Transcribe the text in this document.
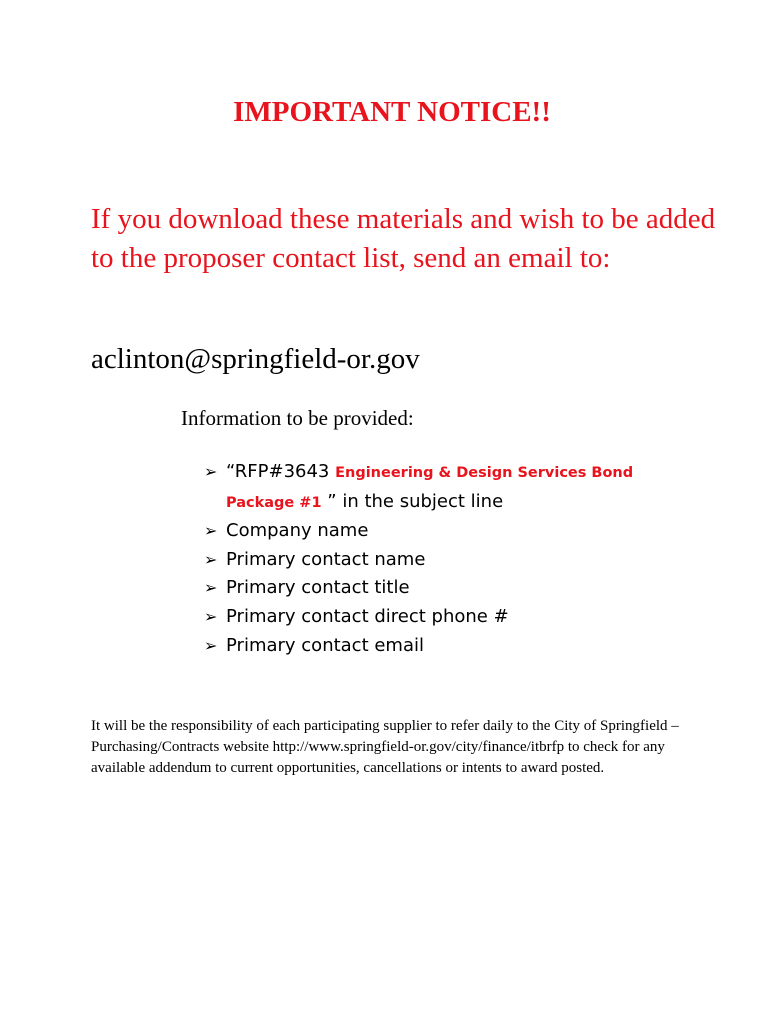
IMPORTANT NOTICE!!
If you download these materials and wish to be added to the proposer contact list, send an email to:
aclinton@springfield-or.gov
Information to be provided:
➢ “RFP#3643 Engineering & Design Services Bond Package #1 ” in the subject line
➢ Company name
➢ Primary contact name
➢ Primary contact title
➢ Primary contact direct phone #
➢ Primary contact email
It will be the responsibility of each participating supplier to refer daily to the City of Springfield – Purchasing/Contracts website http://www.springfield-or.gov/city/finance/itbrfp to check for any available addendum to current opportunities, cancellations or intents to award posted.
